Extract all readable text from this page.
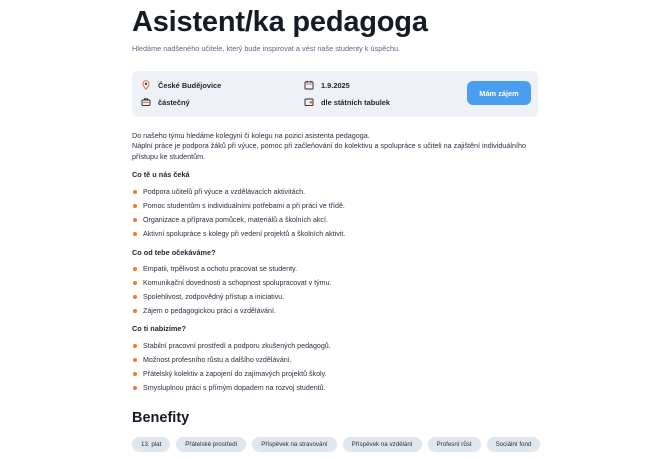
Asistent/ka pedagoga

Hledáme nadšeného učitele, který bude inspirovat a vést naše studenty k úspěchu.

České Budějovice
částečný
1.9.2025
dle státních tabulek
Mám zájem

Do našeho týmu hledáme kolegyni či kolegu na pozici asistenta pedagoga.

Náplní práce je podpora žáků při výuce, pomoc při začleňování do kolektivu a spolupráce s učiteli na zajištění individuálního přístupu ke studentům.

Co tě u nás čeká
Podpora učitelů při výuce a vzdělávacích aktivitách.
Pomoc studentům s individuálními potřebami a při práci ve třídě.
Organizace a příprava pomůcek, materiálů a školních akcí.
Aktivní spolupráce s kolegy při vedení projektů a školních aktivit.
Co od tebe očekáváme?
Empatii, trpělivost a ochotu pracovat se studenty.
Komunikační dovednosti a schopnost spolupracovat v týmu.
Spolehlivost, zodpovědný přístup a iniciativu.
Zájem o pedagogickou práci a vzdělávání.
Co ti nabízíme?
Stabilní pracovní prostředí a podporu zkušených pedagogů.
Možnost profesního růstu a dalšího vzdělávání.
Přátelský kolektiv a zapojení do zajímavých projektů školy.
Smysluplnou práci s přímým dopadem na rozvoj studentů.
Benefity
13. plat	Přátelské prostředí	Příspěvek na stravování	Příspěvek na vzdělání	Profesní růst	Sociální fond
